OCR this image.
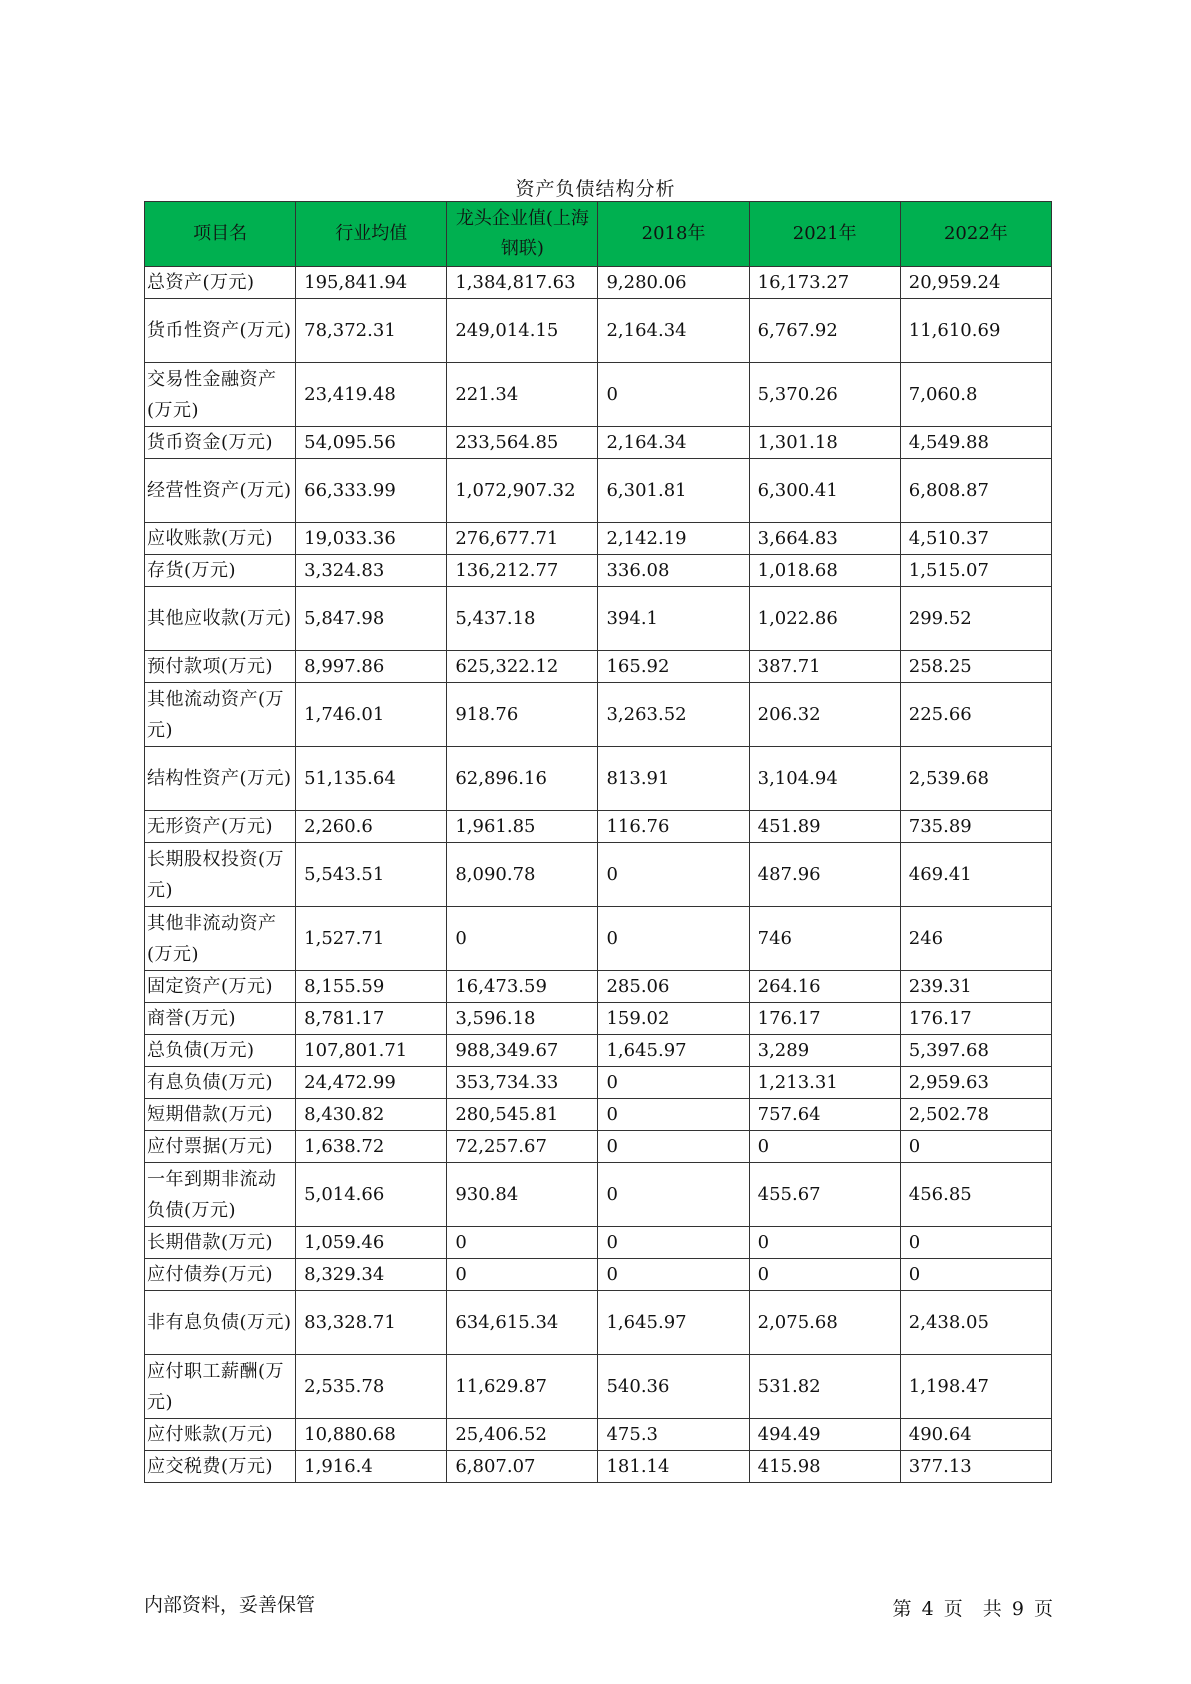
资产负债结构分析
项目名	行业均值	龙头企业值(上海钢联)	2018年	2021年	2022年
总资产(万元)	195,841.94	1,384,817.63	9,280.06	16,173.27	20,959.24
货币性资产(万元)	78,372.31	249,014.15	2,164.34	6,767.92	11,610.69
交易性金融资产(万元)	23,419.48	221.34	0	5,370.26	7,060.8
货币资金(万元)	54,095.56	233,564.85	2,164.34	1,301.18	4,549.88
经营性资产(万元)	66,333.99	1,072,907.32	6,301.81	6,300.41	6,808.87
应收账款(万元)	19,033.36	276,677.71	2,142.19	3,664.83	4,510.37
存货(万元)	3,324.83	136,212.77	336.08	1,018.68	1,515.07
其他应收款(万元)	5,847.98	5,437.18	394.1	1,022.86	299.52
预付款项(万元)	8,997.86	625,322.12	165.92	387.71	258.25
其他流动资产(万元)	1,746.01	918.76	3,263.52	206.32	225.66
结构性资产(万元)	51,135.64	62,896.16	813.91	3,104.94	2,539.68
无形资产(万元)	2,260.6	1,961.85	116.76	451.89	735.89
长期股权投资(万元)	5,543.51	8,090.78	0	487.96	469.41
其他非流动资产(万元)	1,527.71	0	0	746	246
固定资产(万元)	8,155.59	16,473.59	285.06	264.16	239.31
商誉(万元)	8,781.17	3,596.18	159.02	176.17	176.17
总负债(万元)	107,801.71	988,349.67	1,645.97	3,289	5,397.68
有息负债(万元)	24,472.99	353,734.33	0	1,213.31	2,959.63
短期借款(万元)	8,430.82	280,545.81	0	757.64	2,502.78
应付票据(万元)	1,638.72	72,257.67	0	0	0
一年到期非流动负债(万元)	5,014.66	930.84	0	455.67	456.85
长期借款(万元)	1,059.46	0	0	0	0
应付债券(万元)	8,329.34	0	0	0	0
非有息负债(万元)	83,328.71	634,615.34	1,645.97	2,075.68	2,438.05
应付职工薪酬(万元)	2,535.78	11,629.87	540.36	531.82	1,198.47
应付账款(万元)	10,880.68	25,406.52	475.3	494.49	490.64
应交税费(万元)	1,916.4	6,807.07	181.14	415.98	377.13
内部资料，妥善保管	第 4 页 共 9 页
